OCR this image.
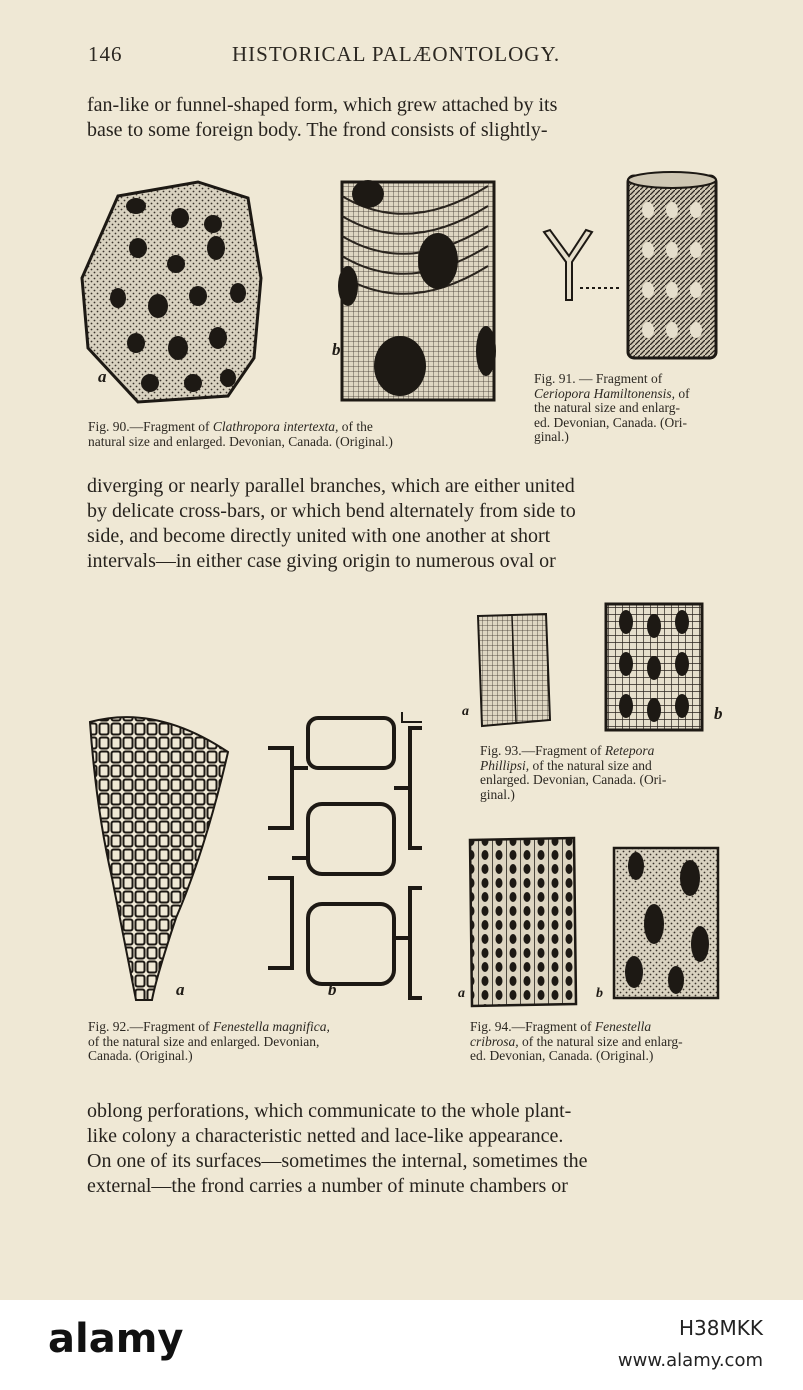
146	HISTORICAL PALÆONTOLOGY.
fan-like or funnel-shaped form, which grew attached by its
base to some foreign body. The frond consists of slightly-
a
b
Fig. 90.—Fragment of Clathropora intertexta, of the
natural size and enlarged. Devonian, Canada. (Original.)
Fig. 91. — Fragment of
Ceriopora Hamiltonensis, of
the natural size and enlarg-
ed. Devonian, Canada. (Ori-
ginal.)
diverging or nearly parallel branches, which are either united
by delicate cross-bars, or which bend alternately from side to
side, and become directly united with one another at short
intervals—in either case giving origin to numerous oval or
a	b
Fig. 93.—Fragment of Retepora
Phillipsi, of the natural size and
enlarged. Devonian, Canada. (Ori-
ginal.)
a	b	a	b
Fig. 92.—Fragment of Fenestella magnifica,
of the natural size and enlarged. Devonian,
Canada. (Original.)
Fig. 94.—Fragment of Fenestella
cribrosa, of the natural size and enlarg-
ed. Devonian, Canada. (Original.)
oblong perforations, which communicate to the whole plant-
like colony a characteristic netted and lace-like appearance.
On one of its surfaces—sometimes the internal, sometimes the
external—the frond carries a number of minute chambers or
alamy	H38MKK
www.alamy.com
